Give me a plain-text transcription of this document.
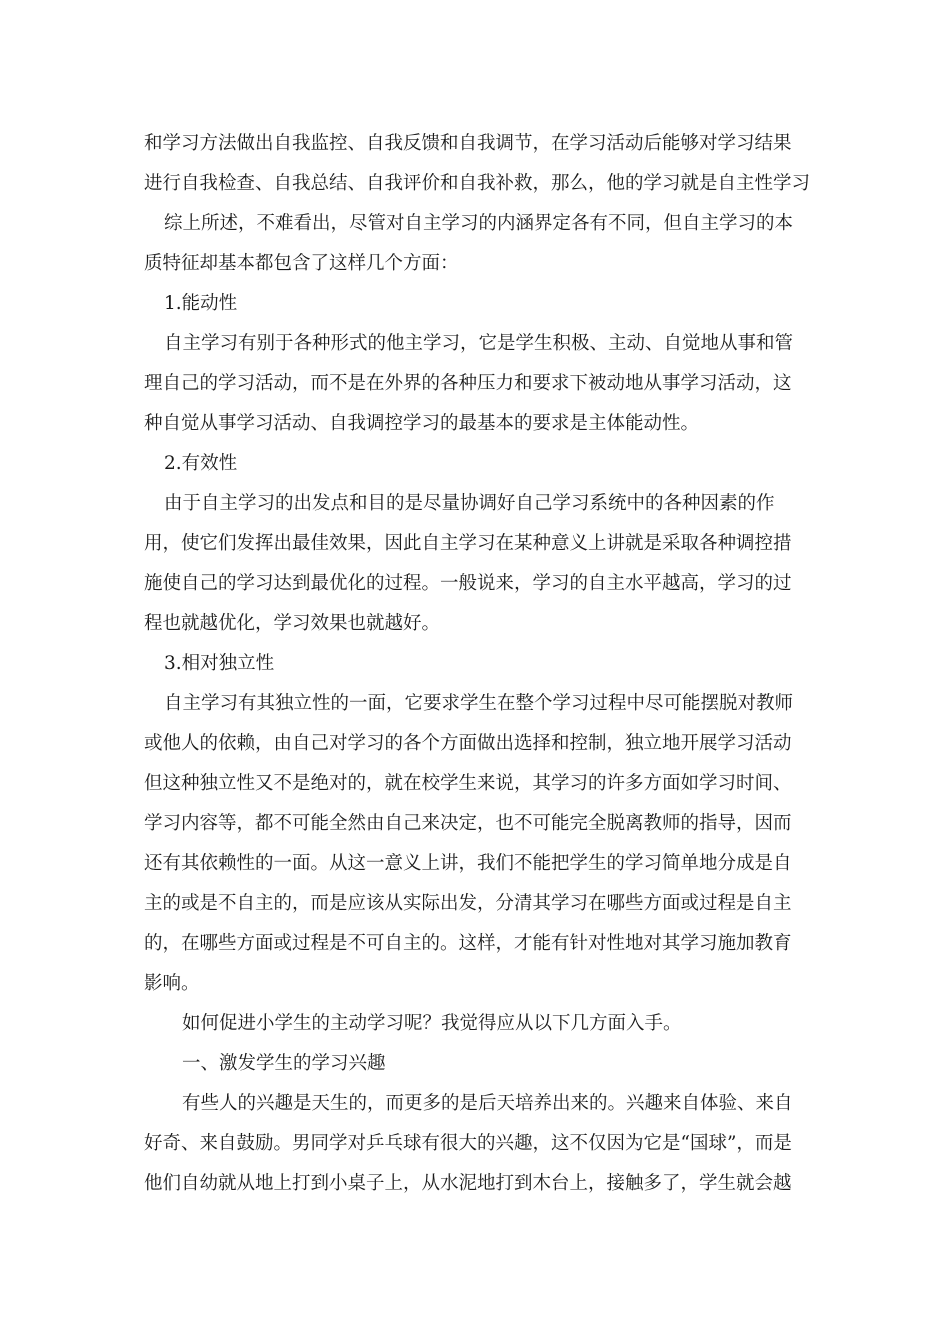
和学习方法做出自我监控、自我反馈和自我调节，在学习活动后能够对学习结果
进行自我检查、自我总结、自我评价和自我补救，那么，他的学习就是自主性学习
综上所述，不难看出，尽管对自主学习的内涵界定各有不同，但自主学习的本
质特征却基本都包含了这样几个方面：
1.能动性
自主学习有别于各种形式的他主学习，它是学生积极、主动、自觉地从事和管
理自己的学习活动，而不是在外界的各种压力和要求下被动地从事学习活动，这
种自觉从事学习活动、自我调控学习的最基本的要求是主体能动性。
2.有效性
由于自主学习的出发点和目的是尽量协调好自己学习系统中的各种因素的作
用，使它们发挥出最佳效果，因此自主学习在某种意义上讲就是采取各种调控措
施使自己的学习达到最优化的过程。一般说来，学习的自主水平越高，学习的过
程也就越优化，学习效果也就越好。
3.相对独立性
自主学习有其独立性的一面，它要求学生在整个学习过程中尽可能摆脱对教师
或他人的依赖，由自己对学习的各个方面做出选择和控制，独立地开展学习活动
但这种独立性又不是绝对的，就在校学生来说，其学习的许多方面如学习时间、
学习内容等，都不可能全然由自己来决定，也不可能完全脱离教师的指导，因而
还有其依赖性的一面。从这一意义上讲，我们不能把学生的学习简单地分成是自
主的或是不自主的，而是应该从实际出发，分清其学习在哪些方面或过程是自主
的，在哪些方面或过程是不可自主的。这样，才能有针对性地对其学习施加教育
影响。
如何促进小学生的主动学习呢？我觉得应从以下几方面入手。
一、激发学生的学习兴趣
有些人的兴趣是天生的，而更多的是后天培养出来的。兴趣来自体验、来自
好奇、来自鼓励。男同学对乒乓球有很大的兴趣，这不仅因为它是“国球”，而是
他们自幼就从地上打到小桌子上，从水泥地打到木台上，接触多了，学生就会越
